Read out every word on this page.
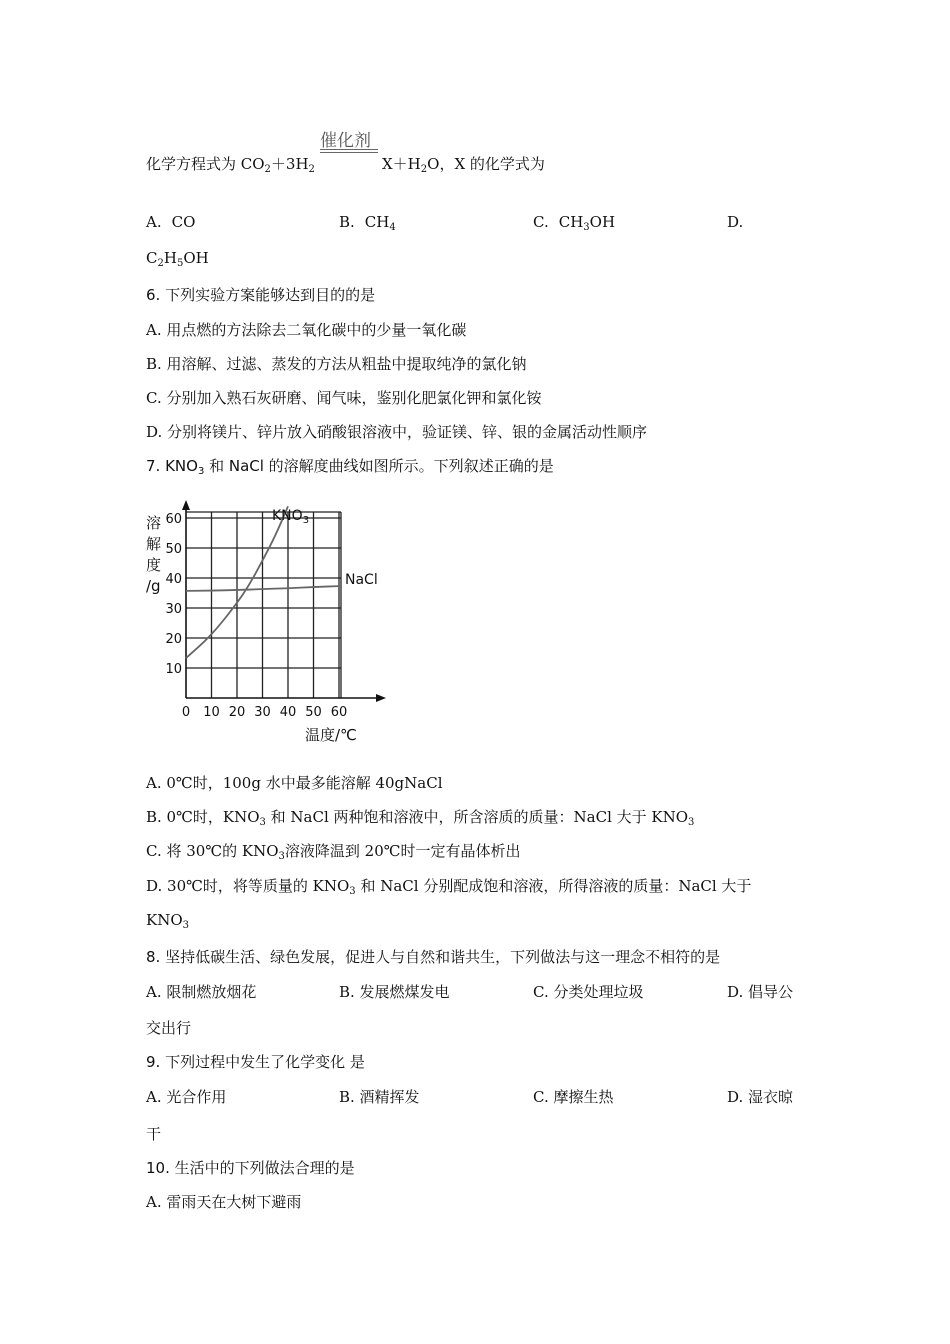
催化剂
化学方程式为 $CO_2+3H_2$	$X+H_2O$，X 的化学式为
A. CO	B. $CH_4$	C. $CH_3OH$	D.
$C_2H_5OH$
6. 下列实验方案能够达到目的的是
A. 用点燃的方法除去二氧化碳中的少量一氧化碳
B. 用溶解、过滤、蒸发的方法从粗盐中提取纯净的氯化钠
C. 分别加入熟石灰研磨、闻气味，鉴别化肥氯化钾和氯化铵
D. 分别将镁片、锌片放入硝酸银溶液中，验证镁、锌、银的金属活动性顺序
7. $KNO_3$ 和 NaCl 的溶解度曲线如图所示。下列叙述正确的是
0 10 20 30 40 50 60
10
20
30
40
50
60
溶
解
度
/g
温度/℃
$KNO_3$
NaCl
A. 0℃时，100g 水中最多能溶解 40gNaCl
B. 0℃时，$KNO_3$ 和 NaCl 两种饱和溶液中，所含溶质的质量：NaCl 大于 $KNO_3$
C. 将 30℃的 $KNO_3$溶液降温到 20℃时一定有晶体析出
D. 30℃时，将等质量的 $KNO_3$ 和 NaCl 分别配成饱和溶液，所得溶液的质量：NaCl 大于
$KNO_3$
8. 坚持低碳生活、绿色发展，促进人与自然和谐共生，下列做法与这一理念不相符的是
A. 限制燃放烟花	B. 发展燃煤发电	C. 分类处理垃圾	D. 倡导公
交出行
9. 下列过程中发生了化学变化 是
A. 光合作用	B. 酒精挥发	C. 摩擦生热	D. 湿衣晾
干
10. 生活中的下列做法合理的是
A. 雷雨天在大树下避雨
